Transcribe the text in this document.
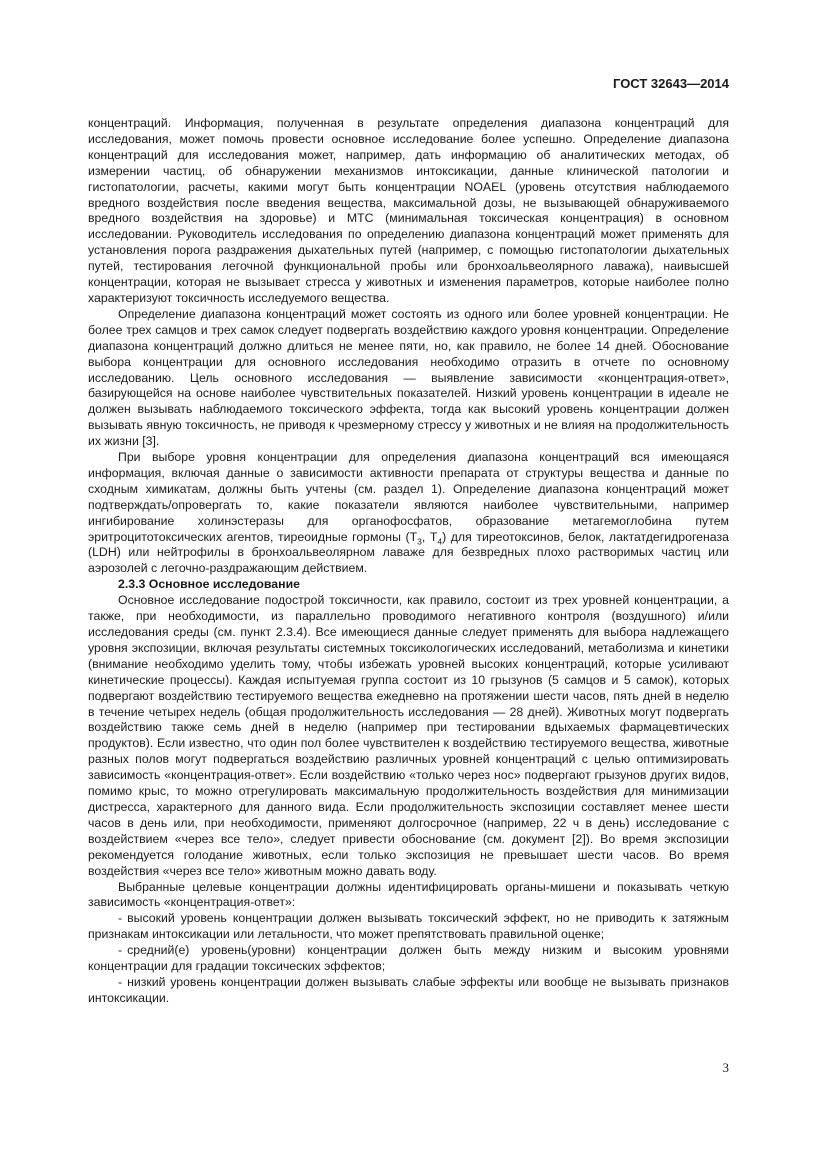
ГОСТ 32643—2014

концентраций. Информация, полученная в результате определения диапазона концентраций для исследования, может помочь провести основное исследование более успешно. Определение диапазона концентраций для исследования может, например, дать информацию об аналитических методах, об измерении частиц, об обнаружении механизмов интоксикации, данные клинической патологии и гистопатологии, расчеты, какими могут быть концентрации NOAEL (уровень отсутствия наблюдаемого вредного воздействия после введения вещества, максимальной дозы, не вызывающей обнаруживаемого вредного воздействия на здоровье) и МТС (минимальная токсическая концентрация) в основном исследовании. Руководитель исследования по определению диапазона концентраций может применять для установления порога раздражения дыхательных путей (например, с помощью гистопатологии дыхательных путей, тестирования легочной функциональной пробы или бронхоальвеолярного лаважа), наивысшей концентрации, которая не вызывает стресса у животных и изменения параметров, которые наиболее полно характеризуют токсичность исследуемого вещества.

Определение диапазона концентраций может состоять из одного или более уровней концентрации. Не более трех самцов и трех самок следует подвергать воздействию каждого уровня концентрации. Определение диапазона концентраций должно длиться не менее пяти, но, как правило, не более 14 дней. Обоснование выбора концентрации для основного исследования необходимо отразить в отчете по основному исследованию. Цель основного исследования — выявление зависимости «концентрация-ответ», базирующейся на основе наиболее чувствительных показателей. Низкий уровень концентрации в идеале не должен вызывать наблюдаемого токсического эффекта, тогда как высокий уровень концентрации должен вызывать явную токсичность, не приводя к чрезмерному стрессу у животных и не влияя на продолжительность их жизни [3].

При выборе уровня концентрации для определения диапазона концентраций вся имеющаяся информация, включая данные о зависимости активности препарата от структуры вещества и данные по сходным химикатам, должны быть учтены (см. раздел 1). Определение диапазона концентраций может подтверждать/опровергать то, какие показатели являются наиболее чувствительными, например ингибирование холинэстеразы для органофосфатов, образование метагемоглобина путем эритроцитотоксических агентов, тиреоидные гормоны ($Т_3$, $Т_4$) для тиреотоксинов, белок, лактатдегидрогеназа (LDH) или нейтрофилы в бронхоальвеолярном лаваже для безвредных плохо растворимых частиц или аэрозолей с легочно-раздражающим действием.

2.3.3 Основное исследование

Основное исследование подострой токсичности, как правило, состоит из трех уровней концентрации, а также, при необходимости, из параллельно проводимого негативного контроля (воздушного) и/или исследования среды (см. пункт 2.3.4). Все имеющиеся данные следует применять для выбора надлежащего уровня экспозиции, включая результаты системных токсикологических исследований, метаболизма и кинетики (внимание необходимо уделить тому, чтобы избежать уровней высоких концентраций, которые усиливают кинетические процессы). Каждая испытуемая группа состоит из 10 грызунов (5 самцов и 5 самок), которых подвергают воздействию тестируемого вещества ежедневно на протяжении шести часов, пять дней в неделю в течение четырех недель (общая продолжительность исследования — 28 дней). Животных могут подвергать воздействию также семь дней в неделю (например при тестировании вдыхаемых фармацевтических продуктов). Если известно, что один пол более чувствителен к воздействию тестируемого вещества, животные разных полов могут подвергаться воздействию различных уровней концентраций с целью оптимизировать зависимость «концентрация-ответ». Если воздействию «только через нос» подвергают грызунов других видов, помимо крыс, то можно отрегулировать максимальную продолжительность воздействия для минимизации дистресса, характерного для данного вида. Если продолжительность экспозиции составляет менее шести часов в день или, при необходимости, применяют долгосрочное (например, 22 ч в день) исследование с воздействием «через все тело», следует привести обоснование (см. документ [2]). Во время экспозиции рекомендуется голодание животных, если только экспозиция не превышает шести часов. Во время воздействия «через все тело» животным можно давать воду.

Выбранные целевые концентрации должны идентифицировать органы-мишени и показывать четкую зависимость «концентрация-ответ»:

- высокий уровень концентрации должен вызывать токсический эффект, но не приводить к затяжным признакам интоксикации или летальности, что может препятствовать правильной оценке;

- средний(е) уровень(уровни) концентрации должен быть между низким и высоким уровнями концентрации для градации токсических эффектов;

- низкий уровень концентрации должен вызывать слабые эффекты или вообще не вызывать признаков интоксикации.

3
